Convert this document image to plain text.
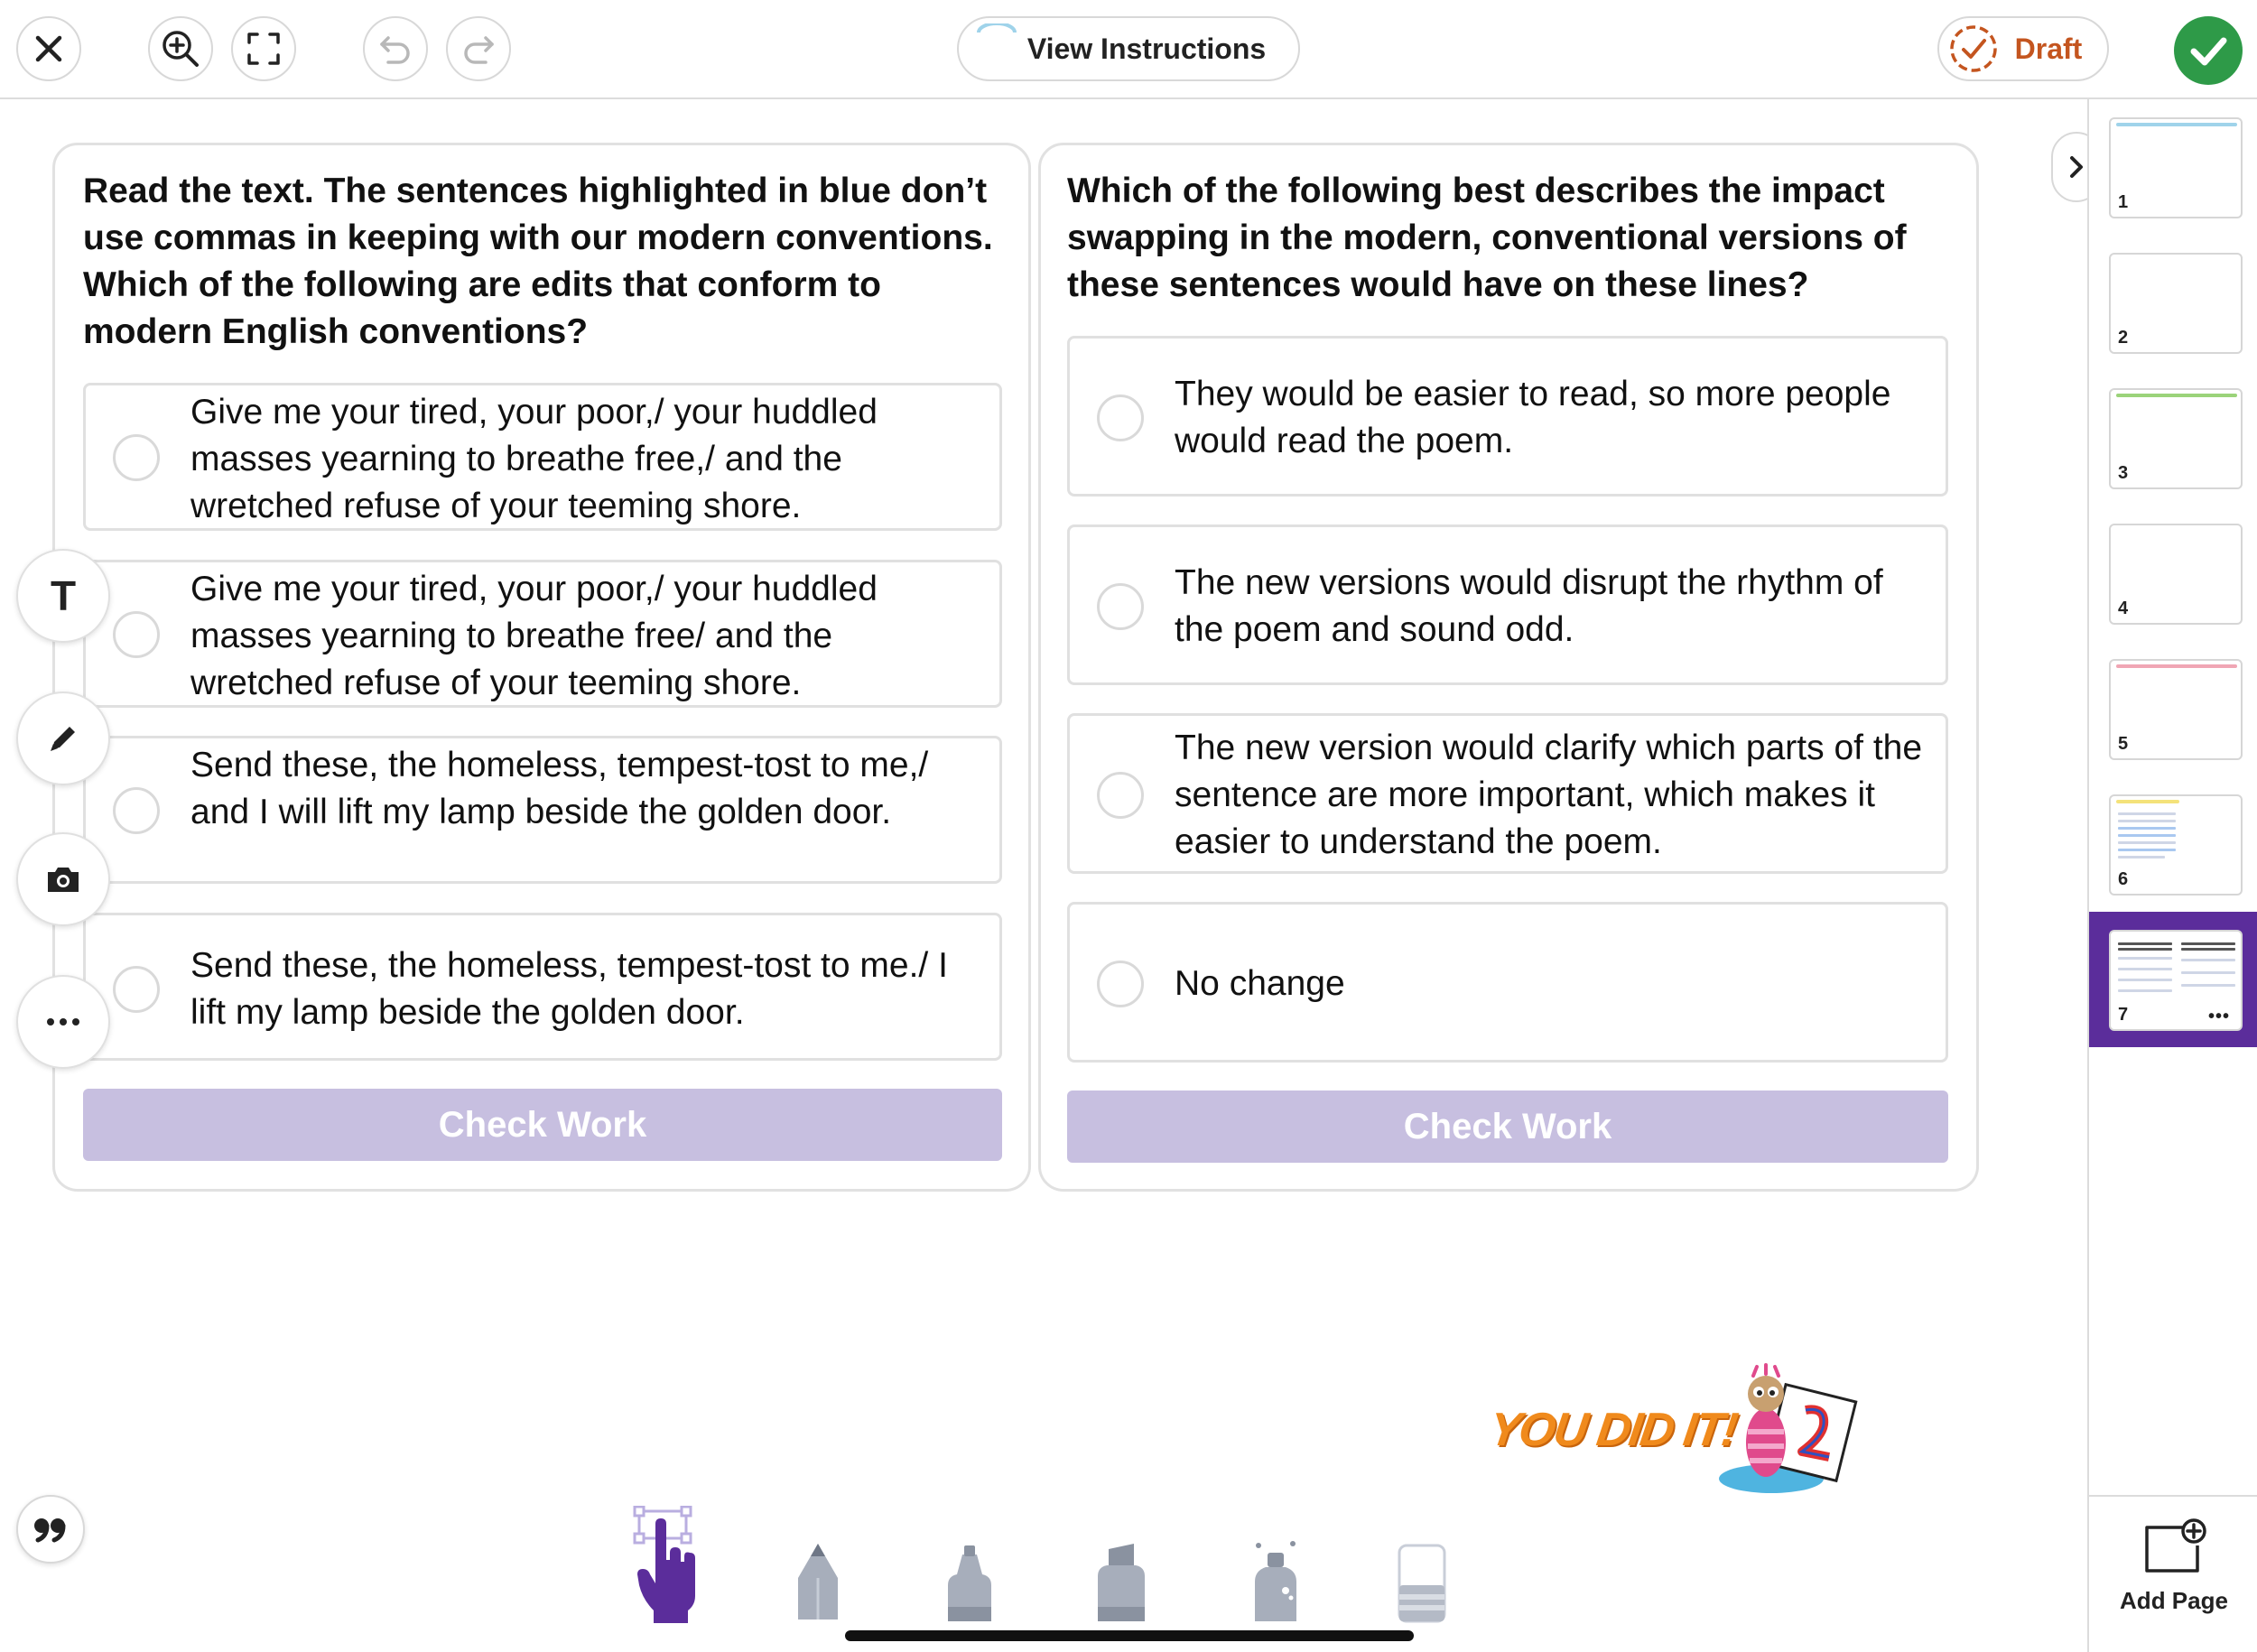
View Instructions	Draft
Read the text. The sentences highlighted in blue don’t use commas in keeping with our modern conventions. Which of the following are edits that conform to modern English conventions?
Give me your tired, your poor,/ your huddled masses yearning to breathe free,/ and the wretched refuse of your teeming shore.
Give me your tired, your poor,/ your huddled masses yearning to breathe free/ and the wretched refuse of your teeming shore.
Send these, the homeless, tempest-tost to me,/ and I will lift my lamp beside the golden door.
Send these, the homeless, tempest-tost to me./ I lift my lamp beside the golden door.
Check Work
Which of the following best describes the impact swapping in the modern, conventional versions of these sentences would have on these lines?
They would be easier to read, so more people would read the poem.
The new versions would disrupt the rhythm of the poem and sound odd.
The new version would clarify which parts of the sentence are more important, which makes it easier to understand the poem.
No change
Check Work
T
YOU DID IT!
1
2
3
4
5
6
7	•••
Add Page
